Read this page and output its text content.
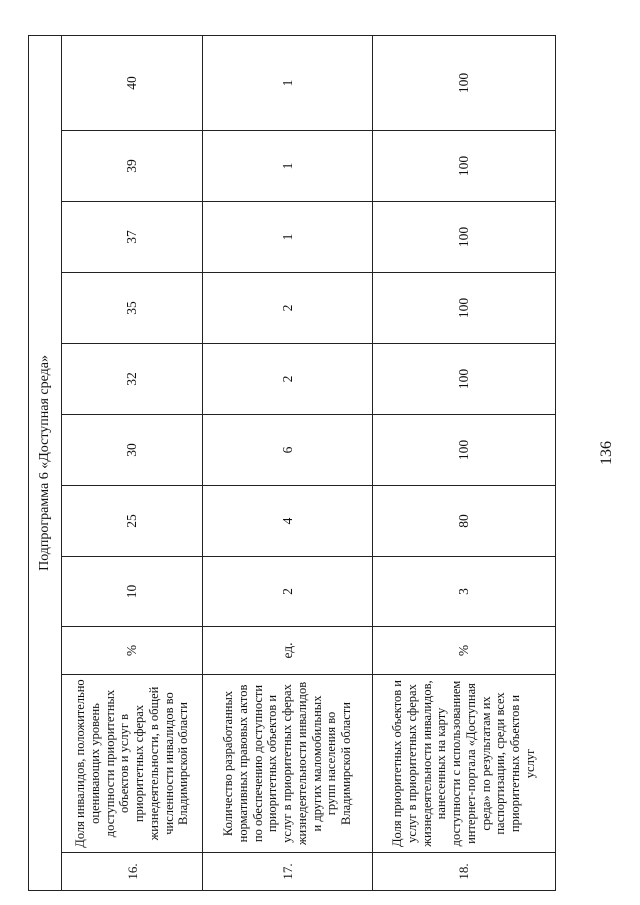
136
Подпрограмма 6 «Доступная среда»										
16.	Доля инвалидов, положительно оценивающих уровень доступности приоритетных объектов и услуг в приоритетных сферах жизнедеятельности, в общей численности инвалидов во Владимирской области	%	10	25	30	32	35	37	39	40
17.	Количество разработанных нормативных правовых актов по обеспечению доступности приоритетных объектов и услуг в приоритетных сферах жизнедеятельности инвалидов и других маломобильных групп населения во Владимирской области	ед.	2	4	6	2	2	1	1	1
18.	Доля приоритетных объектов и услуг в приоритетных сферах жизнедеятельности инвалидов, нанесенных на карту доступности с использованием интернет-портала «Доступная среда» по результатам их паспортизации, среди всех приоритетных объектов и услуг	%	3	80	100	100	100	100	100	100
